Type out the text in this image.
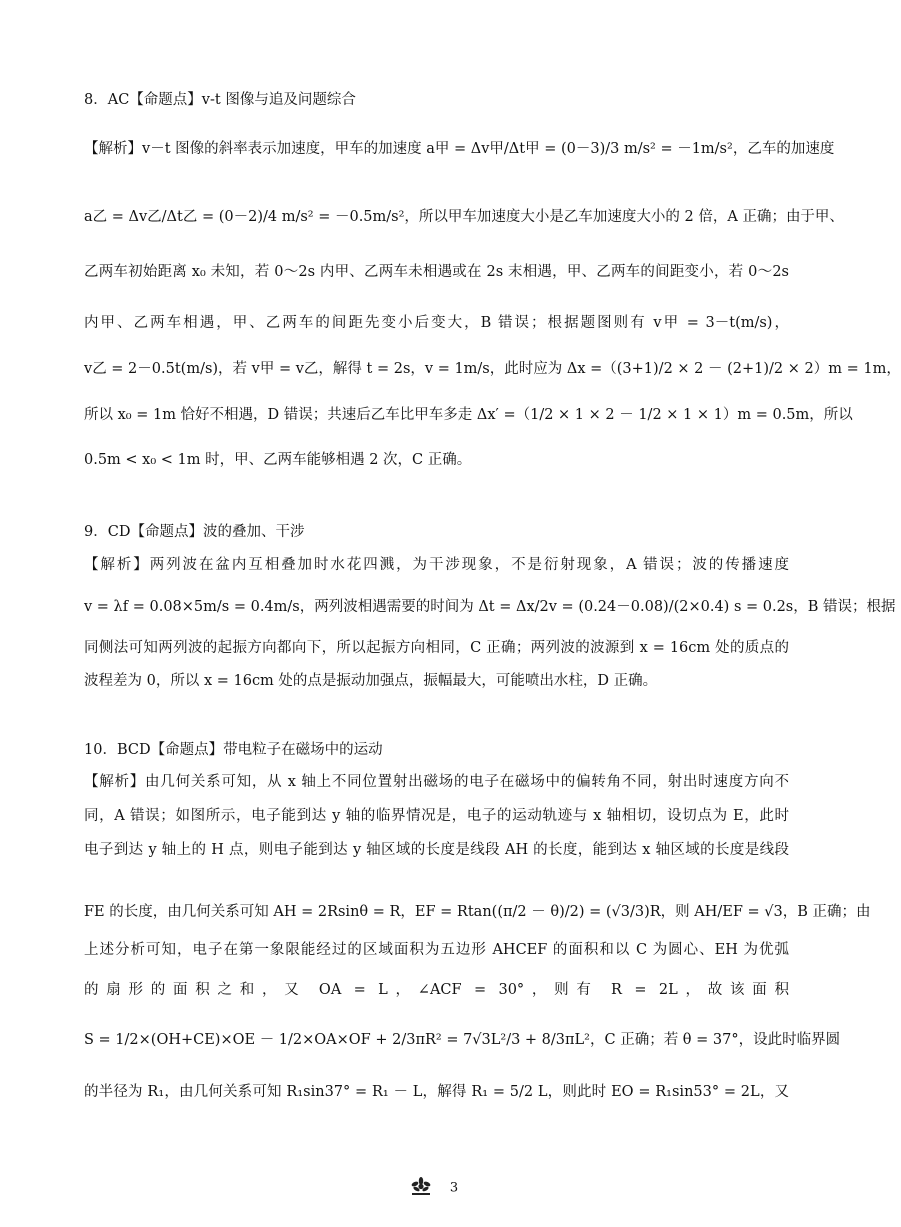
8．AC【命题点】v-t 图像与追及问题综合
【解析】v－t 图像的斜率表示加速度，甲车的加速度 a甲 = Δv甲/Δt甲 = (0－3)/3 m/s² = －1m/s²，乙车的加速度
a乙 = Δv乙/Δt乙 = (0－2)/4 m/s² = －0.5m/s²，所以甲车加速度大小是乙车加速度大小的 2 倍，A 正确；由于甲、
乙两车初始距离 x₀ 未知，若 0～2s 内甲、乙两车未相遇或在 2s 末相遇，甲、乙两车的间距变小，若 0～2s
内甲、乙两车相遇，甲、乙两车的间距先变小后变大，B 错误；根据题图则有 v甲 = 3－t(m/s)，
v乙 = 2－0.5t(m/s)，若 v甲 = v乙，解得 t = 2s，v = 1m/s，此时应为 Δx =（(3+1)/2 × 2 － (2+1)/2 × 2）m = 1m，
所以 x₀ = 1m 恰好不相遇，D 错误；共速后乙车比甲车多走 Δx′ =（1/2 × 1 × 2 － 1/2 × 1 × 1）m = 0.5m，所以
0.5m < x₀ < 1m 时，甲、乙两车能够相遇 2 次，C 正确。
9．CD【命题点】波的叠加、干涉
【解析】两列波在盆内互相叠加时水花四溅，为干涉现象，不是衍射现象，A 错误；波的传播速度
v = λf = 0.08×5m/s = 0.4m/s，两列波相遇需要的时间为 Δt = Δx/2v = (0.24－0.08)/(2×0.4) s = 0.2s，B 错误；根据
同侧法可知两列波的起振方向都向下，所以起振方向相同，C 正确；两列波的波源到 x = 16cm 处的质点的
波程差为 0，所以 x = 16cm 处的点是振动加强点，振幅最大，可能喷出水柱，D 正确。
10．BCD【命题点】带电粒子在磁场中的运动
【解析】由几何关系可知，从 x 轴上不同位置射出磁场的电子在磁场中的偏转角不同，射出时速度方向不
同，A 错误；如图所示，电子能到达 y 轴的临界情况是，电子的运动轨迹与 x 轴相切，设切点为 E，此时
电子到达 y 轴上的 H 点，则电子能到达 y 轴区域的长度是线段 AH 的长度，能到达 x 轴区域的长度是线段
FE 的长度，由几何关系可知 AH = 2Rsinθ = R，EF = Rtan((π/2 － θ)/2) = (√3/3)R，则 AH/EF = √3，B 正确；由
上述分析可知，电子在第一象限能经过的区域面积为五边形 AHCEF 的面积和以 C 为圆心、EH 为优弧
的扇形的面积之和，又 OA = L，∠ACF = 30°，则有 R = 2L，故该面积
S = 1/2×(OH+CE)×OE － 1/2×OA×OF + 2/3πR² = 7√3L²/3 + 8/3πL²，C 正确；若 θ = 37°，设此时临界圆
的半径为 R₁，由几何关系可知 R₁sin37° = R₁ － L，解得 R₁ = 5/2 L，则此时 EO = R₁sin53° = 2L，又
3
